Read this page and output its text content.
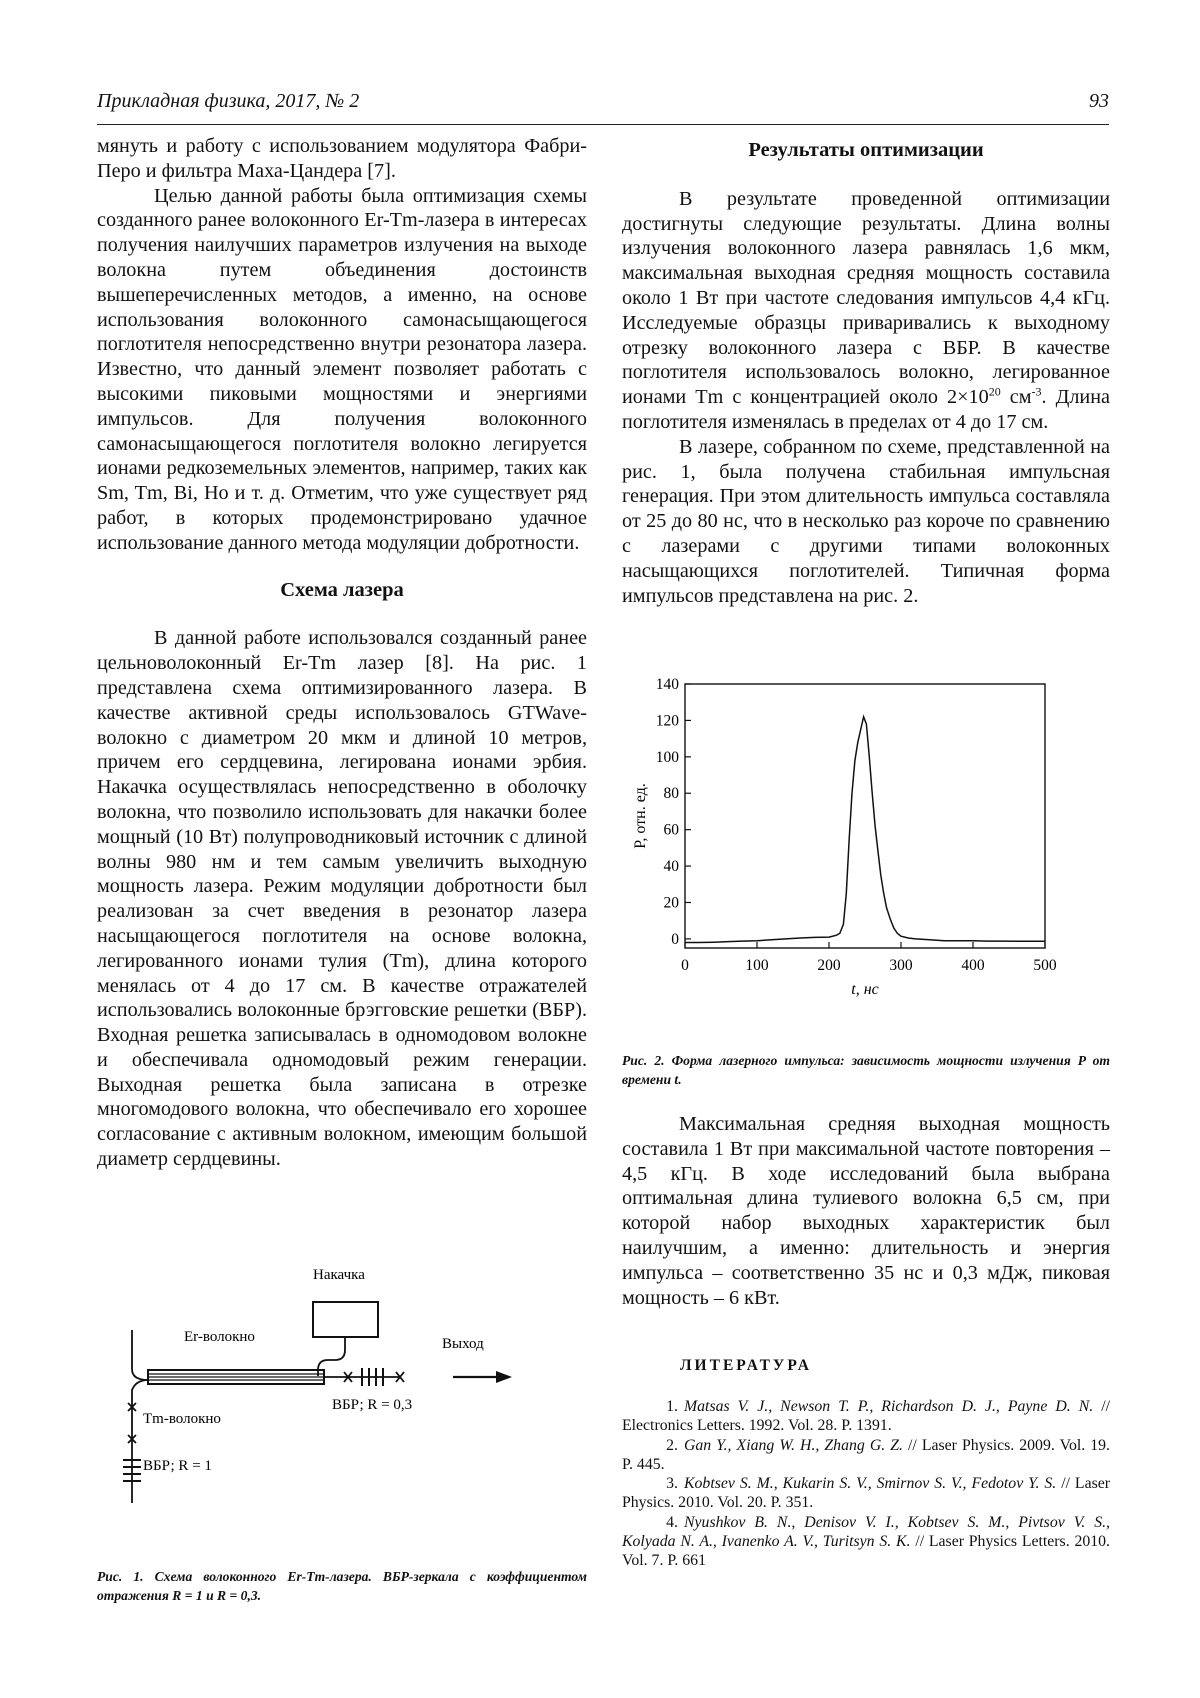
Прикладная физика, 2017, № 2	93

мянуть и работу с использованием модулятора Фабри-Перо и фильтра Маха-Цандера [7].

Целью данной работы была оптимизация схемы созданного ранее волоконного Er-Tm-лазера в интересах получения наилучших параметров излучения на выходе волокна путем объединения достоинств вышеперечисленных методов, а именно, на основе использования волоконного самонасыщающегося поглотителя непосредственно внутри резонатора лазера. Известно, что данный элемент позволяет работать с высокими пиковыми мощностями и энергиями импульсов. Для получения волоконного самонасыщающегося поглотителя волокно легируется ионами редкоземельных элементов, например, таких как Sm, Tm, Bi, Ho и т. д. Отметим, что уже существует ряд работ, в которых продемонстрировано удачное использование данного метода модуляции добротности.

Схема лазера

В данной работе использовался созданный ранее цельноволоконный Er-Tm лазер [8]. На рис. 1 представлена схема оптимизированного лазера. В качестве активной среды использовалось GTWave-волокно с диаметром 20 мкм и длиной 10 метров, причем его сердцевина, легирована ионами эрбия. Накачка осуществлялась непосредственно в оболочку волокна, что позволило использовать для накачки более мощный (10 Вт) полупроводниковый источник с длиной волны 980 нм и тем самым увеличить выходную мощность лазера. Режим модуляции добротности был реализован за счет введения в резонатор лазера насыщающегося поглотителя на основе волокна, легированного ионами тулия (Tm), длина которого менялась от 4 до 17 см. В качестве отражателей использовались волоконные брэгговские решетки (ВБР). Входная решетка записывалась в одномодовом волокне и обеспечивала одномодовый режим генерации. Выходная решетка была записана в отрезке многомодового волокна, что обеспечивало его хорошее согласование с активным волокном, имеющим большой диаметр сердцевины.

Накачка
Er-волокно
ВБР; R = 0,3
Выход
Tm-волокно
ВБР; R = 1
Рис. 1. Схема волоконного Er-Tm-лазера. ВБР-зеркала с коэффициентом отражения R = 1 и R = 0,3.
Результаты оптимизации

В результате проведенной оптимизации достигнуты следующие результаты. Длина волны излучения волоконного лазера равнялась 1,6 мкм, максимальная выходная средняя мощность составила около 1 Вт при частоте следования импульсов 4,4 кГц. Исследуемые образцы приваривались к выходному отрезку волоконного лазера с ВБР. В качестве поглотителя использовалось волокно, легированное ионами Tm с концентрацией около $2\times 10^{20}$ $см^{-3}$. Длина поглотителя изменялась в пределах от 4 до 17 см.

В лазере, собранном по схеме, представленной на рис. 1, была получена стабильная импульсная генерация. При этом длительность импульса составляла от 25 до 80 нс, что в несколько раз короче по сравнению с лазерами с другими типами волоконных насыщающихся поглотителей. Типичная форма импульсов представлена на рис. 2.

0
20
40
60
80
100
120
140
0	100	200	300	400	500
t, нс
P, отн. ед.
Рис. 2. Форма лазерного импульса: зависимость мощности излучения P от времени t.

Максимальная средняя выходная мощность составила 1 Вт при максимальной частоте повторения – 4,5 кГц. В ходе исследований была выбрана оптимальная длина тулиевого волокна 6,5 см, при которой набор выходных характеристик был наилучшим, а именно: длительность и энергия импульса – соответственно 35 нс и 0,3 мДж, пиковая мощность – 6 кВт.

ЛИТЕРАТУРА
1. Matsas V. J., Newson T. P., Richardson D. J., Payne D. N. // Electronics Letters. 1992. Vol. 28. P. 1391.
2. Gan Y., Xiang W. H., Zhang G. Z. // Laser Physics. 2009. Vol. 19. P. 445.
3. Kobtsev S. M., Kukarin S. V., Smirnov S. V., Fedotov Y. S. // Laser Physics. 2010. Vol. 20. P. 351.
4. Nyushkov B. N., Denisov V. I., Kobtsev S. M., Pivtsov V. S., Kolyada N. A., Ivanenko A. V., Turitsyn S. K. // Laser Physics Letters. 2010. Vol. 7. P. 661
